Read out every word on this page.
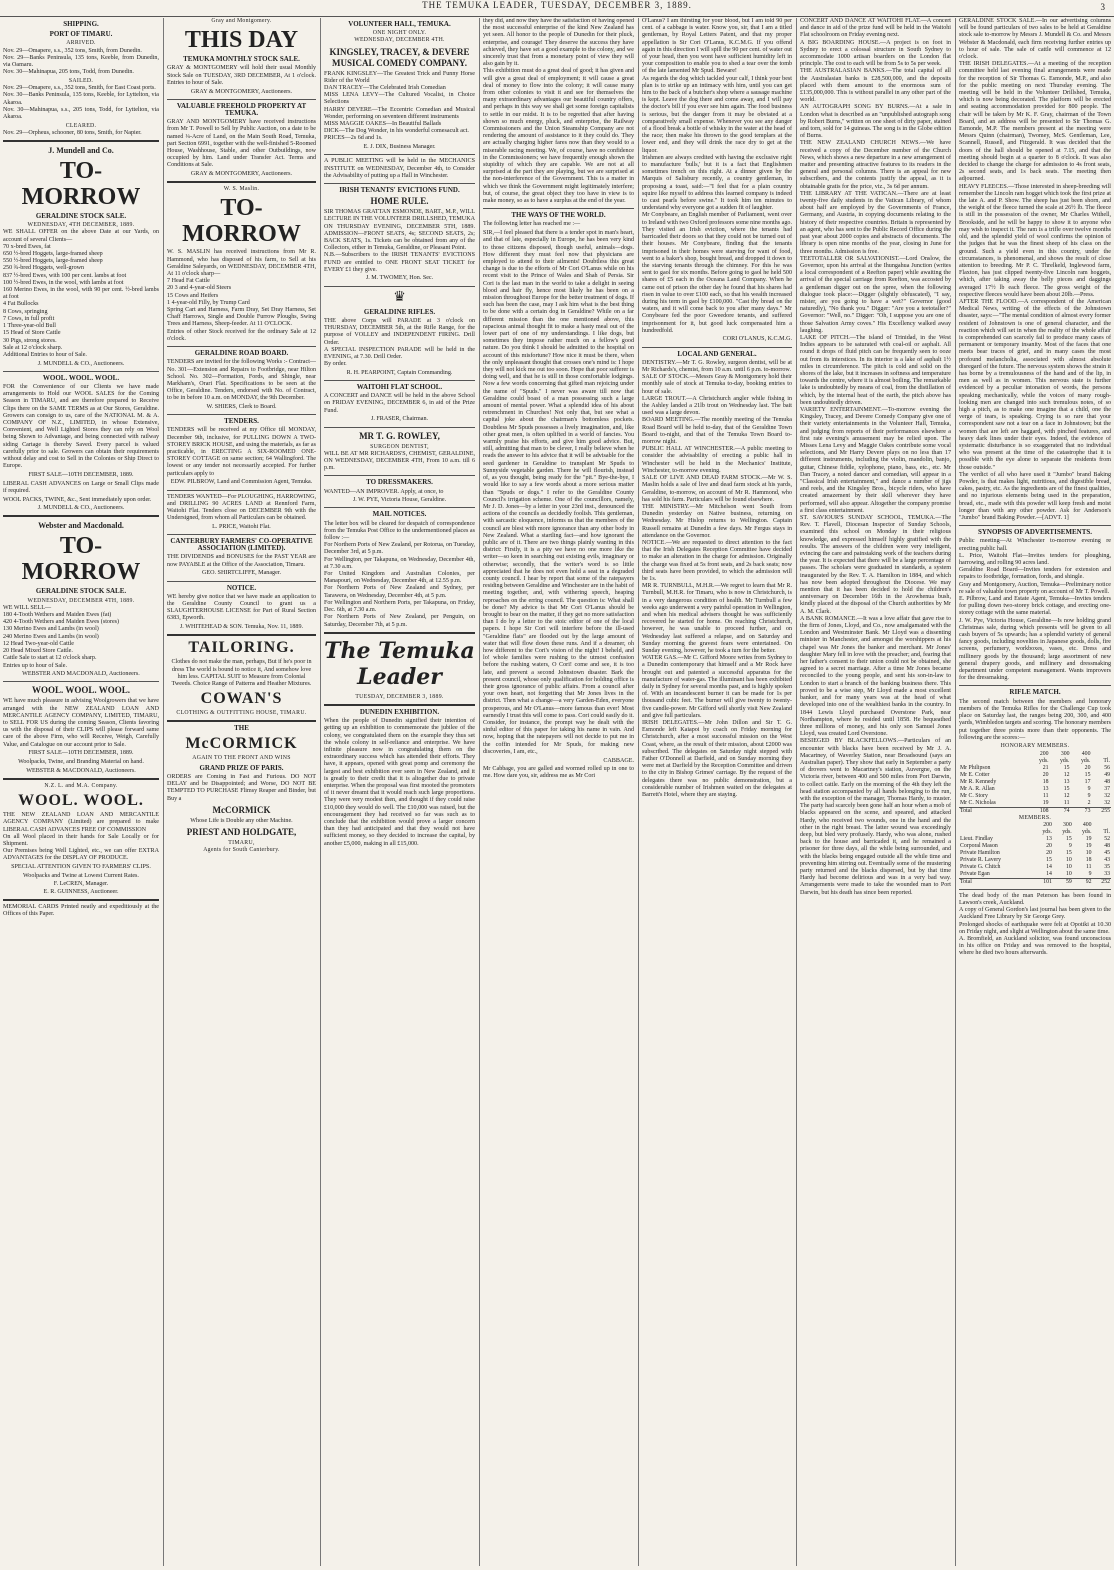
THE TEMUKA LEADER, TUESDAY, DECEMBER 3, 1889.	3
SHIPPING.
PORT OF TIMARU.
ARRIVED.

Nov. 29—Omapere, s.s., 352 tons, Smith, from Dunedin.
Nov. 29—Banks Peninsula, 135 tons, Keeble, from Dunedin, via Oamaru.
Nov. 30—Mahinapua, 205 tons, Todd, from Dunedin.

SAILED.

Nov. 29—Omapere, s.s., 352 tons, Smith, for East Coast ports.
Nov. 30—Banks Peninsula, 135 tons, Keeble, for Lyttelton, via Akaroa.
Nov. 30—Mahinapua, s.s., 205 tons, Todd, for Lyttelton, via Akaroa.

CLEARED.

Nov. 29—Orpheus, schooner, 80 tons, Smith, for Napier.

J. Mundell and Co.
TO-MORROW
GERALDINE STOCK SALE.
WEDNESDAY, 4TH DECEMBER, 1889.

WE SHALL OFFER on the above Date at our Yards, on account of several Clients—
70 x-bred Ewes, fat
650 ½-bred Hoggets, large-framed sheep
550 ½-bred Hoggets, large-framed sheep
250 ¾-bred Hoggets, well-grown
837 ½-bred Ewes, with 100 per cent. lambs at foot
100 ½-bred Ewes, in the wool, with lambs at foot
160 Merino Ewes, in the wool, with 90 per cent. ½-bred lambs at foot
4 Fat Bullocks
8 Cows, springing
7 Cows, in full profit
1 Three-year-old Bull
15 Head of Store Cattle
30 Pigs, strong stores.
Sale at 12 o'clock sharp.
Additional Entries to hour of Sale.

J. MUNDELL & CO., Auctioneers.

WOOL. WOOL. WOOL.

FOR the Convenience of our Clients we have made arrangements to Hold our WOOL SALES for the Coming Season in TIMARU, and are therefore prepared to Receive Clips there on the SAME TERMS as at Our Stores, Geraldine. Growers can consign to us, care of the NATIONAL M. & A. COMPANY OF N.Z., LIMITED, in whose Extensive, Convenient, and Well Lighted Stores they can rely on Wool being Shown to Advantage, and being connected with railway siding Cartage is thereby Saved. Every parcel is valued carefully prior to sale. Growers can obtain their requirements without delay and cost to Sell in the Colonies or Ship Direct to Europe.

FIRST SALE—10TH DECEMBER, 1889.

LIBERAL CASH ADVANCES on Large or Small Clips made if required.

WOOL PACKS, TWINE, &c., Sent immediately upon order.

J. MUNDELL & CO., Auctioneers.

Webster and Macdonald.
TO-MORROW
GERALDINE STOCK SALE.
WEDNESDAY, DECEMBER 4TH, 1889.

WE WILL SELL—
180 4-Tooth Wethers and Maiden Ewes (fat)
420 4-Tooth Wethers and Maiden Ewes (stores)
130 Merino Ewes and Lambs (in wool)
240 Merino Ewes and Lambs (in wool)
12 Head Two-year-old Cattle
20 Head Mixed Store Cattle.
Cattle Sale to start at 12 o'clock sharp.
Entries up to hour of Sale.

WEBSTER AND MACDONALD, Auctioneers.

WOOL. WOOL. WOOL.

WE have much pleasure in advising Woolgrowers that we have arranged with the NEW ZEALAND LOAN AND MERCANTILE AGENCY COMPANY, LIMITED, TIMARU, to SELL FOR US during the coming Season, Clients favoring us with the disposal of their CLIPS will please forward same care of the above Firm, who will Receive, Weigh, Carefully Value, and Catalogue on our account prior to Sale.

FIRST SALE—10TH DECEMBER, 1889.

Woolpacks, Twine, and Branding Material on hand.

WEBSTER & MACDONALD, Auctioneers.

N.Z. L. and M.A. Company.
WOOL. WOOL.

THE NEW ZEALAND LOAN AND MERCANTILE AGENCY COMPANY (Limited) are prepared to make LIBERAL CASH ADVANCES FREE OF COMMISSION
On all Wool placed in their hands for Sale Locally or for Shipment.
Our Premises being Well Lighted, etc., we can offer EXTRA ADVANTAGES for the DISPLAY OF PRODUCE.

SPECIAL ATTENTION GIVEN TO FARMERS' CLIPS.

Woolpacks and Twine at Lowest Current Rates.

F. LeCREN, Manager.
E. R. GUINNESS, Auctioneer.

MEMORIAL CARDS Printed neatly and expeditiously at the Offices of this Paper.

Gray and Montgomery.
THIS DAY
TEMUKA MONTHLY STOCK SALE.

GRAY & MONTGOMERY will hold their usual Monthly Stock Sale on TUESDAY, 3RD DECEMBER, At 1 o'clock. Entries to hour of Sale.

GRAY & MONTGOMERY, Auctioneers.

VALUABLE FREEHOLD PROPERTY AT TEMUKA.

GRAY AND MONTGOMERY have received instructions from Mr T. Powell to Sell by Public Auction, on a date to be named ¼-Acre of Land, on the Main South Road, Temuka, part Section 6991, together with the well-finished 5-Roomed House, Washhouse, Stable, and other Outbuildings, now occupied by him. Land under Transfer Act. Terms and Conditions at Sale.

GRAY & MONTGOMERY, Auctioneers.

W. S. Maslin.
TO-MORROW

W. S. MASLIN has received instructions from Mr R. Hammond, who has disposed of his farm, to Sell at his Geraldine Saleyards, on WEDNESDAY, DECEMBER 4TH, At 11 o'clock sharp—
7 Head Fat Cattle
20 3 and 4-year-old Steers
15 Cows and Heifers
1 4-year-old Filly, by Trump Card
Spring Cart and Harness, Farm Dray, Set Dray Harness, Set Chaff Harrows, Single and Double Furrow Ploughs, Swing Trees and Harness, Sheep-feeder. At 11 O'CLOCK.
Entries of other Stock received for the ordinary Sale at 12 o'clock.

GERALDINE ROAD BOARD.

TENDERS are invited for the following Works :- Contract— No. 301—Extension and Repairs to Footbridge, near Hilton School. No. 302—Formation, Fords, and Shingle, near Markham's, Orari Flat. Specifications to be seen at the Office, Geraldine. Tenders, endorsed with No. of Contract, to be in before 10 a.m. on MONDAY, the 9th December.

W. SHIERS, Clerk to Board.

TENDERS.

TENDERS will be received at my Office till MONDAY, December 9th, inclusive, for PULLING DOWN A TWO-STOREY BRICK HOUSE, and using the materials, as far as practicable, in ERECTING A SIX-ROOMED ONE-STOREY COTTAGE on same section; 64 Wallingford. The lowest or any tender not necessarily accepted. For further particulars apply to

EDW. PILBROW, Land and Commission Agent, Temuka.

TENDERS WANTED—For PLOUGHING, HARROWING, and DRILLING 90 ACRES LAND at Rennford Farm, Waitohi Flat. Tenders close on DECEMBER 9th with the Undersigned, from whom all Particulars can be obtained.

L. PRICE, Waitohi Flat.

CANTERBURY FARMERS' CO-OPERATIVE ASSOCIATION (LIMITED).

THE DIVIDENDS and BONUSES for the PAST YEAR are now PAYABLE at the Office of the Association, Timaru.

GEO. SHIRTCLIFFE, Manager.

NOTICE.

WE hereby give notice that we have made an application to the Geraldine County Council to grant us a SLAUGHTERHOUSE LICENSE for Part of Rural Section 6383, Epworth.

J. WHITEHEAD & SON. Temuka, Nov. 11, 1889.

TAILORING.

Clothes do not make the man, perhaps, But if he's poor in dress The world is bound to notice it, And somehow love him less. CAPITAL SUIT to Measure from Colonial Tweeds. Choice Range of Patterns and Heather Mixtures.

COWAN'S
CLOTHING & OUTFITTING HOUSE, TIMARU.
THE
McCORMICK
AGAIN TO THE FRONT AND WINS
GRAND PRIZE OF PARIS.

ORDERS are Coming in Fast and Furious. DO NOT DELAY and be Disappointed; and Worse, DO NOT BE TEMPTED TO PURCHASE Flimsy Reaper and Binder, but Buy a

McCORMICK

Whose Life is Double any other Machine.

PRIEST AND HOLDGATE,
TIMARU,
Agents for South Canterbury.
VOLUNTEER HALL, TEMUKA.
ONE NIGHT ONLY.
WEDNESDAY, DECEMBER 4TH.
KINGSLEY, TRACEY, & DEVERE MUSICAL COMEDY COMPANY.

FRANK KINGSLEY—The Greatest Trick and Funny Horse Rider of the World
DAN TRACEY—The Celebrated Irish Comedian
MISS LENA LEVY—The Cultured Vocalist, in Choice Selections
HARRY DEVERE—The Eccentric Comedian and Musical Wonder, performing on seventeen different instruments
MISS MAGGIE OAKES—In Beautiful Ballads
DICK—The Dog Wonder, in his wonderful comesacult act.
PRICES—2s 6d and 1s.

E. J. DIX, Business Manager.

A PUBLIC MEETING will be held in the MECHANICS INSTITUTE on WEDNESDAY, December 4th, to Consider the Advisability of putting up a Hall in Winchester.

IRISH TENANTS' EVICTIONS FUND.
HOME RULE.

SIR THOMAS GRATTAN ESMONDE, BART., M.P., WILL LECTURE IN THE VOLUNTEER DRILLSHED, TEMUKA ON THURSDAY EVENING, DECEMBER 5TH, 1889. ADMISSION—FRONT SEATS, 4s; SECOND SEATS, 2s; BACK SEATS, 1s. Tickets can be obtained from any of the Collectors, either in Temuka, Geraldine, or Pleasant Point.
N.B.—Subscribers to the IRISH TENANTS' EVICTIONS FUND are entitled to ONE FRONT SEAT TICKET for EVERY £1 they give.

J. M. TWOMEY, Hon. Sec.

♛
GERALDINE RIFLES.

THE above Corps will PARADE at 3 o'clock on THURSDAY, DECEMBER 5th, at the Rifle Range, for the purpose of VOLLEY and INDEPENDENT FIRING. Drill Order.
A SPECIAL INSPECTION PARADE will be held in the EVENING, at 7.30. Drill Order.
By order.

R. H. PEARPOINT, Captain Commanding.

WAITOHI FLAT SCHOOL.

A CONCERT and DANCE will be held in the above School on FRIDAY EVENING, DECEMBER 6, in aid of the Prize Fund.

J. FRASER, Chairman.

MR T. G. ROWLEY,
SURGEON DENTIST,

WILL BE AT MR RICHARDS'S, CHEMIST, GERALDINE, ON WEDNESDAY, DECEMBER 4TH, From 10 a.m. till 6 p.m.

TO DRESSMAKERS.

WANTED—AN IMPROVER. Apply, at once, to

J. W. PYE, Victoria House, Geraldine.

MAIL NOTICES.

The letter box will be cleared for despatch of correspondence from the Temuka Post Office to the undermentioned places as follow :—
For Northern Ports of New Zealand, per Rotorua, on Tuesday, December 3rd, at 5 p.m.
For Wellington, per Takapuna, on Wednesday, December 4th, at 7.30 a.m.
For United Kingdom and Australian Colonies, per Manapouri, on Wednesday, December 4th, at 12.55 p.m.
For Northern Ports of New Zealand and Sydney, per Tarawera, on Wednesday, December 4th, at 5 p.m.
For Wellington and Northern Ports, per Takapuna, on Friday, Dec. 6th, at 7.30 a.m.
For Northern Ports of New Zealand, per Penguin, on Saturday, December 7th, at 5 p.m.

The Temuka Leader
TUESDAY, DECEMBER 3, 1889.
DUNEDIN EXHIBITION.

When the people of Dunedin signified their intention of getting up an exhibition to commemorate the jubilee of the colony, we congratulated them on the example they thus set the whole colony in self-reliance and enterprise. We have infinite pleasure now in congratulating them on the extraordinary success which has attended their efforts. They have, it appears, opened with great pomp and ceremony the largest and best exhibition ever seen in New Zealand, and it is greatly to their credit that it is altogether due to private enterprise. When the proposal was first mooted the promoters of it never dreamt that it would reach such large proportions. They were very modest then, and thought if they could raise £10,000 they would do well. The £10,000 was raised, but the encouragement they had received so far was such as to conclude that the exhibition would prove a larger concern than they had anticipated and that they would not have sufficient money, so they decided to increase the capital, by another £5,000, making in all £15,000.

they did, and now they have the satisfaction of having opened the most successful enterprise of the kind New Zealand has yet seen. All honor to the people of Dunedin for their pluck, enterprise, and courage! They deserve the success they have achieved, they have set a good example to the colony, and we sincerely trust that from a monetary point of view they will also gain by it.
This exhibition must do a great deal of good; it has given and will give a great deal of employment; it will cause a great deal of money to flow into the colony; it will cause many from other colonies to visit it and see for themselves the many extraordinary advantages our beautiful country offers, and perhaps in this way we shall get some foreign capitalists to settle in our midst. It is to be regretted that after having shown so much energy, pluck, and enterprise, the Railway Commissioners and the Union Steamship Company are not rendering the amount of assistance to it they could do. They are actually charging higher fares now than they would to a miserable racing meeting. We, of course, have no confidence in the Commissioners; we have frequently enough shown the stupidity of which they are capable. We are not at all surprised at the part they are playing, but we are surprised at the non-interference of the Government. This is a matter in which we think the Government might legitimately interfere; but, of course, the great object they too have in view is to make money, so as to have a surplus at the end of the year.

THE WAYS OF THE WORLD.

The following letter has reached me :—

SIR,—I feel pleased that there is a tender spot in man's heart, and that of late, especially in Europe, he has been very kind to those citizens disposed, though useful, animals—dogs. How different they must feel now that physicians are employed to attend to their ailments! Doubtless this great change is due to the efforts of Mr Cori O'Lanus while on his recent visit to the Prince of Wales and Shah of Persia. Sir Cori is the last man in the world to take a delight in seeing blood and hair fly, hence most likely he has been on a mission throughout Europe for the better treatment of dogs. If such has been the case, may I ask him what is the best thing to be done with a certain dog in Geraldine? While on a far different mission than the one mentioned above, this rapacious animal thought fit to make a hasty meal out of the lower part of one of my understandings. I like dogs, but sometimes they impose rather much on a fellow's good nature. Do you think I should be admitted to the hospital on account of this misfortune? How nice it must be there, when the only unpleasant thought that crosses one's mind is: I hope they will not kick me out too soon. Hope that poor sufferer is doing well, and that he is still in those comfortable lodgings. Now a few words concerning that gifted man rejoicing under the name of "Spuds." I never was aware till now that Geraldine could boast of a man possessing such a large amount of mental power. What a splendid idea of his about retrenchment in Churches! Not only that, but see what a capital joke about the chairman's bottomless pockets. Doubtless Mr Spuds possesses a lively imagination, and, like other great men, is often uplifted in a world of fancies. You warmly praise his efforts, and give him good advice. But, still, admitting that man to be clever, I really believe when he reads the answer to his advice that it will be advisable for the seed gardener in Geraldine to transplant Mr Spuds to Sunnyside vegetable garden. There he will flourish, instead of, as you thought, being ready for the "pit." Bye-the-bye, I would like to say a few words about a more serious matter than "Spuds or dogs." I refer to the Geraldine County Council's irrigation scheme. One of the councillors, namely, Mr J. D. Jones—by a letter in your 23rd inst., denounced the actions of the councils as decidedly foolish. This gentleman, with sarcastic eloquence, informs us that the members of the council are blest with more ignorance than any other body in New Zealand. What a startling fact—and how ignorant the public are of it. There are two things plainly wanting in this district: Firstly, it is a pity we have no one more like the writer—so keen in searching out existing evils, imaginary or otherwise; secondly, that the writer's word is so little appreciated that he does not even hold a seat in a degraded county council. I hear by report that some of the ratepayers residing between Geraldine and Winchester are in the habit of meeting together, and, with withering speech, heaping reproaches on the erring council. The question is: What shall be done? My advice is that Mr Cori O'Lanus should be brought to bear on the matter, if they get no more satisfaction than I do by a letter to the stoic editor of one of the local papers. I hope Sir Cori will interfere before the ill-used "Geraldine flats" are flooded out by the large amount of water that will flow down these runs. And if a dreamer, oh how different to the Cori's vision of the night! I beheld, and lo! whole families were rushing to the utmost confusion before the rushing waters, O Cori! come and see, it is too late, and prevent a second Johnstown disaster. Bark the present council, whose only qualification for holding office is their gross ignorance of public affairs. From a council after your own heart, not forgetting that Mr Jones lives in the district. Then what a change—a very Garden-Eden, everyone prosperous, and Mr O'Lanus—more famous than ever! Most earnestly I trust this will come to pass. Cori could easily do it. Consider, for instance, the prompt way he dealt with the sinful editor of this paper for taking his name in vain. And now, hoping that the ratepayers will not decide to put me in the coffin intended for Mr Spuds, for making new discoveries, I am, etc.,

CABBAGE.

Mr Cabbage, you are galled and wormed rolled up in one to me. How dare you, sir, address me as Mr Cori

O'Lanus? I am thirsting for your blood, but I am told 90 per cent. of a cabbage is water. Know you, sir, that I am a titled gentleman, by Royal Letters Patent, and that my proper appellation is Sir Cori O'Lanus, K.C.M.G. If you offend again in this direction I will spill the 90 per cent. of water out of your head, then you wont have sufficient humidity left in your composition to enable you to shed a tear over the tomb of the late lamented Mr Spud. Beware!
As regards the dog which tackled your calf, I think your best plan is to strike up an intimacy with him, until you can get him to the back of a butcher's shop where a sausage machine is kept. Leave the dog there and come away, and I will pay the doctor's bill if you ever see him again. The food business is serious, but the danger from it may be obviated at a comparatively small expense. Whenever you see any danger of a flood break a bottle of whisky in the water at the head of the race; then make his thrown to the good templars at the lower end, and they will drink the race dry to get at the liquor.
Irishmen are always credited with having the exclusive right to manufacture 'bulls,' but it is a fact that Englishmen sometimes trench on this right. At a dinner given by the Marquis of Salisbury recently, a country gentleman, in proposing a toast, said:—"I feel that for a plain country squire like myself to address this learned company is indeed to cast pearls before swine." It took him ten minutes to understand why everyone got a sudden fit of laughter.
Mr Conybeare, an English member of Parliament, went over to Ireland with two Oxford professors some nine months ago. They visited an Irish eviction, where the tenants had barricaded their doors so that they could not be turned out of their houses. Mr Conybeare, finding that the tenants imprisoned in their homes were starving for want of food, went to a baker's shop, bought bread, and dropped it down to the starving tenants through the chimney. For this he was sent to gaol for six months. Before going to gaol he held 500 shares of £5 each in the Oceana Land Company. When he came out of prison the other day he found that his shares had risen in value to over £100 each, so that his wealth increased during his term in gaol by £100,000. "Cast thy bread on the waters, and it will come back to you after many days." Mr Conybeare fed the poor Gweedore tenants, and suffered imprisonment for it, but good luck compensated him a hundredfold.

CORI O'LANUS, K.C.M.G.

LOCAL AND GENERAL.

DENTISTRY.—Mr T. G. Rowley, surgeon dentist, will be at Mr Richards's, chemist, from 10 a.m. until 6 p.m. to-morrow.
SALE OF STOCK.—Messrs Gray & Montgomery hold their monthly sale of stock at Temuka to-day, booking entries to hour of sale.
LARGE TROUT.—A Christchurch angler while fishing in the Ashley landed a 21lb trout on Wednesday last. The bait used was a large devon.
BOARD MEETING.—The monthly meeting of the Temuka Road Board will be held to-day, that of the Geraldine Town Board to-night, and that of the Temuka Town Board to-morrow night.
PUBLIC HALL AT WINCHESTER.—A public meeting to consider the advisability of erecting a public hall in Winchester will be held in the Mechanics' Institute, Winchester, to-morrow evening.
SALE OF LIVE AND DEAD FARM STOCK.—Mr W. S. Maslin holds a sale of live and dead farm stock at his yards, Geraldine, to-morrow, on account of Mr R. Hammond, who has sold his farm. Particulars will be found elsewhere.
THE MINISTRY.—Mr Mitchelson went South from Dunedin yesterday on Native business, returning on Wednesday. Mr Hislop returns to Wellington. Captain Russell remains at Dunedin a few days. Mr Fergus stays in attendance on the Governor.
NOTICE.—We are requested to direct attention to the fact that the Irish Delegates Reception Committee have decided to make an alteration in the charge for admission. Originally the charge was fixed at 5s front seats, and 2s back seats; now third seats have been provided, to which the admission will be 1s.
MR R. TURNBULL, M.H.R.—We regret to learn that Mr R. Turnbull, M.H.R. for Timaru, who is now in Christchurch, is in a very dangerous condition of health. Mr Turnbull a few weeks ago underwent a very painful operation in Wellington, and when his medical advisers thought he was sufficiently recovered he started for home. On reaching Christchurch, however, he was unable to proceed further, and on Wednesday last suffered a relapse, and on Saturday and Sunday morning the gravest fears were entertained. On Sunday evening, however, he took a turn for the better.
WATER GAS.—Mr C. Gifford Moore writes from Sydney to a Dunedin contemporary that himself and a Mr Rock have brought out and patented a successful apparatus for the manufacture of water-gas. The illuminant has been exhibited daily in Sydney for several months past, and is highly spoken of. With an incandescent burner it can be made for 1s per thousand cubic feet. The burner will give twenty to twenty-five candle-power. Mr Gifford will shortly visit New Zealand and give full particulars.
IRISH DELEGATES.—Mr John Dillon and Sir T. G. Esmonde left Kaiapoi by coach on Friday morning for Christchurch, after a most successful mission on the West Coast, where, as the result of their mission, about £2000 was subscribed. The delegates on Saturday night stepped with Father O'Donnell at Darfield, and on Sunday morning they were met at Darfield by the Reception Committee and driven to the city in Bishop Grimes' carriage. By the request of the delegates there was no public demonstration, but a considerable number of Irishmen waited on the delegates at Barrett's Hotel, where they are staying.

CONCERT AND DANCE AT WAITOHI FLAT.—A concert and dance in aid of the prize fund will be held in the Waitohi Flat schoolroom on Friday evening next.
A BIG BOARDING HOUSE.—A project is on foot in Sydney to erect a colossal structure in South Sydney to accommodate 1000 artisan boarders on the London flat principle. The cost to each will be from 5s to 5s per week.
THE AUSTRALASIAN BANKS.—The total capital of all the Australasian banks is £28,500,000, and the deposits placed with them amount to the enormous sum of £135,000,000. This is without parallel in any other part of the world.
AN AUTOGRAPH SONG BY BURNS.—At a sale in London what is described as an "unpublished autograph song by Robert Burns," written on one sheet of dirty paper, stained and torn, sold for 14 guineas. The song is in the Globe edition of Burns.
THE NEW ZEALAND CHURCH NEWS.—We have received a copy of the December number of the Church News, which shows a new departure in a new arrangement of matter and presenting attractive features to its readers in the general and personal columns. There is an appeal for new subscribers, and the contents justify the appeal, as it is obtainable gratis for the price, viz., 3s 6d per annum.
THE LIBRARY AT THE VATICAN.—There are at least twenty-five daily students in the Vatican Library, of whom about half are employed by the Governments of France, Germany, and Austria, in copying documents relating to the history of their respective countries. Britain is represented by an agent, who has sent to the Public Record Office during the past year about 2000 copies and abstracts of documents. The library is open nine months of the year, closing in June for three months. Admission is free.
TEETOTALLER OR SALVATIONIST.—Lord Onslow, the Governor, upon his arrival at the Ihungahua Junction (writes a local correspondent of a Reefton paper) while awaiting the arrival of the special carriage from Reefton, was accosted by a gentleman digger out on the spree, when the following dialogue took place:—Digger (slightly obfuscated), "I say, mister, are you going to have a wet?" Governor (good naturedly), "No thank you." Digger: "Are you a teetotaller?" Governor: "Well, no." Digger: "Oh, I suppose you are one of those Salvation Army coves." His Excellency walked away laughing.
LAKE OF PITCH.—The island of Trinidad, in the West Indies appears to be saturated with coal-oil or asphalt. All round it drops of fluid pitch can be frequently seen to ooze out from its interstices. In its interior is a lake of asphalt 1½ miles in circumference. The pitch is cold and solid on the shores of the lake, but it increases in softness and temperature towards the centre, where it is almost boiling. The remarkable lake is undoubtedly by means of coal, from the distillation of which, by the internal heat of the earth, the pitch above has been undoubtedly driven.
VARIETY ENTERTAINMENT.—To-morrow evening the Kingsley, Tracey, and Devere Comedy Company give one of their variety entertainments in the Volunteer Hall, Temuka, and judging from reports of their performances elsewhere a first rate evening's amusement may be relied upon. The Misses Lena Levy and Maggie Oakes contribute some vocal selections, and Mr Harry Devere plays on no less than 17 different instruments, including the violin, mandolin, banjo, guitar, Chinese fiddle, xylophone, piano, bass, etc., etc. Mr Dan Tracey, a noted dancer and comedian, will appear in a "Classical Irish entertainment," and dance a number of jigs and reels, and the Kingsley Bros., bicycle riders, who have created amazement by their skill wherever they have performed, will also appear. Altogether the company promise a first class entertainment.
ST. SAVIOUR'S SUNDAY SCHOOL, TEMUKA.—The Rev. T. Flavell, Diocesan Inspector of Sunday Schools, examined this school on Monday in their religious knowledge, and expressed himself highly gratified with the results. The answers of the children were very intelligent, evincing the care and painstaking work of the teachers during the year. It is expected that there will be a large percentage of passes. The scholars were graduated in standards, a system inaugurated by the Rev. T. A. Hamilton in 1884, and which has now been adopted throughout the Diocese. We may mention that it has been decided to hold the children's anniversary on December 16th in the Arowhenua bush, kindly placed at the disposal of the Church authorities by Mr A. M. Clark.
A BANK ROMANCE.—It was a love affair that gave rise to the firm of Jones, Lloyd, and Co., now amalgamated with the London and Westminster Bank. Mr Lloyd was a dissenting minister in Manchester, and amongst the worshippers at his chapel was Mr Jones the banker and merchant. Mr Jones' daughter Mary fell in love with the preacher; and, fearing that her father's consent to their union could not be obtained, she agreed to a secret marriage. After a time Mr Jones became reconciled to the young people, and sent his son-in-law to London to start a branch of the banking business there. This proved to be a wise step, Mr Lloyd made a most excellent banker, and for many years was at the head of what developed into one of the wealthiest banks in the country. In 1844 Lewis Lloyd purchased Overstone Park, near Northampton, where he resided until 1858. He bequeathed three millions of money, and his only son Samuel Jones Lloyd, was created Lord Overstone.
BESIEGED BY BLACKFELLOWS.—Particulars of an encounter with blacks have been received by Mr J. A. Macartney, of Waverley Station, near Broadsound (says an Australian paper). They show that early in September a party of drovers went to Macartney's station, Auvergne, on the Victoria river, between 400 and 500 miles from Port Darwin, to collect cattle. Early on the morning of the 4th they left the head station accompanied by all hands belonging to the run, with the exception of the manager, Thomas Hardy, to muster. The party had scarcely been gone half an hour when a mob of blacks appeared on the scene, and speared, and attacked Hardy, who received two wounds, one in the hand and the other in the right breast. The latter wound was exceedingly deep, but bled very profusely. Hardy, who was alone, rushed back to the house and barricaded it, and he remained a prisoner for three days, all the while being surrounded, and with the blacks being engaged outside all the while time and preventing him stirring out. Eventually some of the mustering party returned and the blacks dispersed, but by that time Hardy had become delirious and was in a very bad way. Arrangements were made to take the wounded man to Port Darwin, but his death has since been reported.

GERALDINE STOCK SALE.—In our advertising columns will be found particulars of two sales to be held at Geraldine stock sale to-morrow by Messrs J. Mundell & Co. and Messrs Webster & Macdonald, each firm receiving further entries up to hour of sale. The sale of cattle will commence at 12 o'clock.
THE IRISH DELEGATES.—At a meeting of the reception committee held last evening final arrangements were made for the reception of Sir Thomas G. Esmonde, M.P., and also for the public meeting on next Thursday evening. The meeting will be held in the Volunteer Drillshed, Temuka, which is now being decorated. The platform will be erected and seating accommodation provided for 800 people. The chair will be taken by Mr K. F. Gray, chairman of the Town Board, and an address will be presented to Sir Thomas G. Esmonde, M.P. The members present at the meeting were Messrs Quinn (chairman), Twomey, McS. Gentleman, Lee, Scannell, Russell, and Fitzgerald. It was decided that the doors of the hall should be opened at 7.15, and that the meeting should begin at a quarter to 8 o'clock. It was also decided to change the charge for admission to 4s front seats, 2s second seats, and 1s back seats. The meeting then adjourned.
HEAVY FLEECES.—Those interested in sheep-breeding will remember the Lincoln ram hogget which took the first prize at the late A. and P. Show. The sheep has just been shorn, and the weight of the fleece turned the scale at 26½ lb. The fleece is still in the possession of the owner, Mr Charles Withell, Brookside, and he will be happy to show it to anyone who may wish to inspect it. The ram is a trifle over twelve months old, and the splendid yield of wool confirms the opinion of the judges that he was the finest sheep of his class on the ground. Such a yield even in this country, under the circumstances, is phenomenal, and shows the result of close attention to breeding. Mr P. C. Threlkeld, Inglewood farm, Flaxton, has just clipped twenty-five Lincoln ram hoggets, which, after taking away the belly pieces and daggings averaged 17½ lb each fleece. The gross weight of the respective fleeces would have been about 20lb.—Press.
AFTER THE FLOOD.—A correspondent of the American Medical News, writing of the effects of the Johnstown disaster, says:—"The mental condition of almost every former resident of Johnstown is one of general character, and the reaction which will set in when the reality of the whole affair is comprehended can scarcely fail to produce many cases of permanent or temporary insanity. Most of the faces that one meets bear traces of grief, and in many cases the most profound melancholia, associated with almost absolute disregard of the future. The nervous system shows the strain it has borne by a tremulousness of the hand and of the lip, in men as well as in women. This nervous state is further evidenced by a peculiar intonation of words, the persons speaking mechanically, while the voices of many rough-looking men are changed into such tremulous notes, of so high a pitch, as to make one imagine that a child, one the verge of tears, is speaking. Crying is so rare that your correspondent saw not a tear on a face in Johnstown; but the women that are left are haggard, with pinched features, and heavy dark lines under their eyes. Indeed, the evidence of systematic disturbance is so exaggerated that no individual who was present at the time of the catastrophe that it is possible with the eye alone to separate the residents from those outside."
The verdict of all who have used it "Jumbo" brand Baking Powder, is that makes light, nutritious, and digestible bread, cakes, pastry, etc. As the ingredients are of the finest qualities, and no injurious elements being used in the preparation, bread, etc., made with this powder will keep fresh and moist longer than with any other powder. Ask for Anderson's "Jumbo" brand Baking Powder.—[ADVT. 1]

SYNOPSIS OF ADVERTISEMENTS.

Public meeting—At Winchester to-morrow evening re erecting public hall.
L. Price, Waitohi Flat—Invites tenders for ploughing, harrowing, and rolling 90 acres land.
Geraldine Road Board—Invites tenders for extension and repairs to footbridge, formation, fords, and shingle.
Gray and Montgomery, Auction, Temuka—Preliminary notice re sale of valuable town property on account of Mr T. Powell.
E. Pilbrow, Land and Estate Agent, Temuka—Invites tenders for pulling down two-storey brick cottage, and erecting one-storey cottage with the same material.
J. W. Pye, Victoria House, Geraldine—Is now holding grand Christmas sale, during which presents will be given to all cash buyers of 5s upwards; has a splendid variety of general fancy goods, including novelties in Japanese goods, dolls, fire screens, perfumery, workboxes, vases, etc. Dress and millinery goods by the thousand; large assortment of new general drapery goods, and millinery and dressmaking department under competent management. Wants improvers for the dressmaking.

RIFLE MATCH.

The second match between the members and honorary members of the Temuka Rifles for the Challenge Cup took place on Saturday last, the ranges being 200, 300, and 400 yards, Wimbledon targets and scoring. The honorary members put together three points more than their opponents. The following are the scores:—

HONORARY MEMBERS.
	200	300	400	
	yds.	yds.	yds.	Tl.
Mr Philipson	21	15	20	56
Mr E. Cotter	20	12	15	49
Mr R. Kennedy	18	13	17	48
Mr A. R. Allan	13	15	9	37
Mr C. Story	11	12	9	32
Mr C. Nicholas	19	11	2	32
Total	108	74	73	255
MEMBERS.
	200	300	400	
	yds.	yds.	yds.	Tl.
Lieut. Findlay	13	15	19	52
Corporal Mason	20	9	19	48
Private Hamilton	20	15	10	45
Private R. Lavery	15	10	18	43
Private G. Chitch	14	10	11	35
Private Egan	14	10	9	33
Total	101	59	92	252

The dead body of the man Peterson has been found in Lawson's creek, Auckland.
A copy of General Gordon's last journal has been given to the Auckland Free Library by Sir George Grey.
Prolonged shocks of earthquake were felt at Opotiki at 10.30 on Friday night, and slight at Wellington about the same time.
A. Bromfield, an Auckland solicitor, was found unconscious in his office on Friday and was removed to the hospital, where he died two hours afterwards.
